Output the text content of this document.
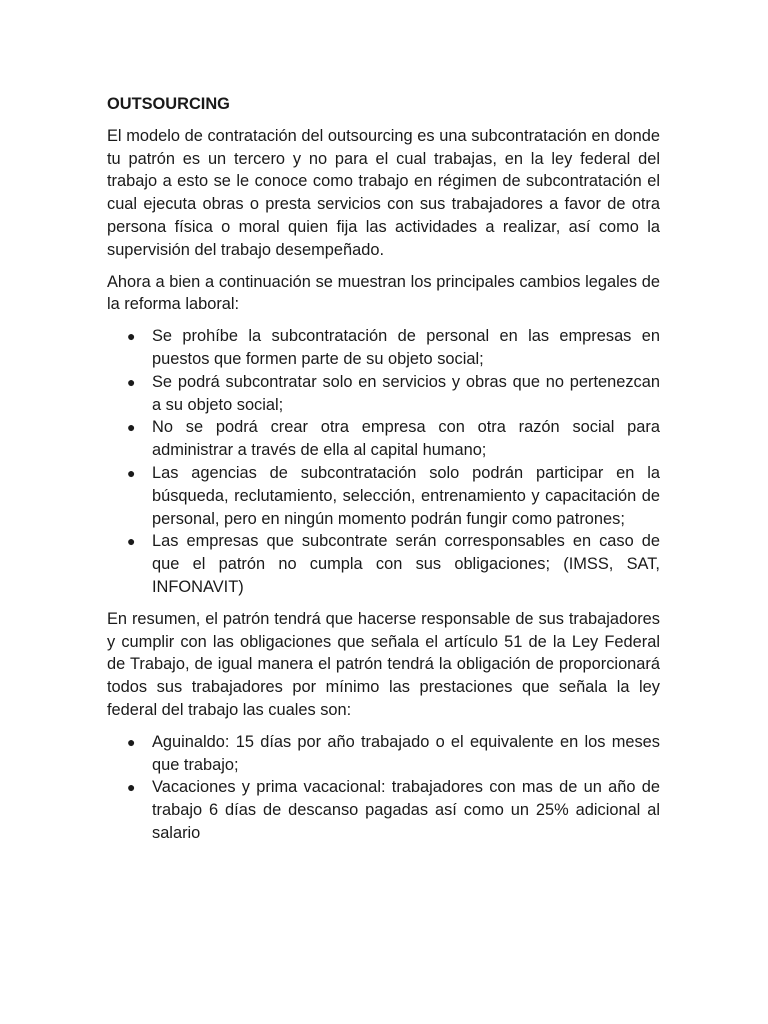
OUTSOURCING

El modelo de contratación del outsourcing es una subcontratación en donde tu patrón es un tercero y no para el cual trabajas, en la ley federal del trabajo a esto se le conoce como trabajo en régimen de subcontratación el cual ejecuta obras o presta servicios con sus trabajadores a favor de otra persona física o moral quien fija las actividades a realizar, así como la supervisión del trabajo desempeñado.

Ahora a bien a continuación se muestran los principales cambios legales de la reforma laboral:

● Se prohíbe la subcontratación de personal en las empresas en puestos que formen parte de su objeto social;
● Se podrá subcontratar solo en servicios y obras que no pertenezcan a su objeto social;
● No se podrá crear otra empresa con otra razón social para administrar a través de ella al capital humano;
● Las agencias de subcontratación solo podrán participar en la búsqueda, reclutamiento, selección, entrenamiento y capacitación de personal, pero en ningún momento podrán fungir como patrones;
● Las empresas que subcontrate serán corresponsables en caso de que el patrón no cumpla con sus obligaciones; (IMSS, SAT, INFONAVIT)

En resumen, el patrón tendrá que hacerse responsable de sus trabajadores y cumplir con las obligaciones que señala el artículo 51 de la Ley Federal de Trabajo, de igual manera el patrón tendrá la obligación de proporcionará todos sus trabajadores por mínimo las prestaciones que señala la ley federal del trabajo las cuales son:

● Aguinaldo: 15 días por año trabajado o el equivalente en los meses que trabajo;
● Vacaciones y prima vacacional: trabajadores con mas de un año de trabajo 6 días de descanso pagadas así como un 25% adicional al salario
